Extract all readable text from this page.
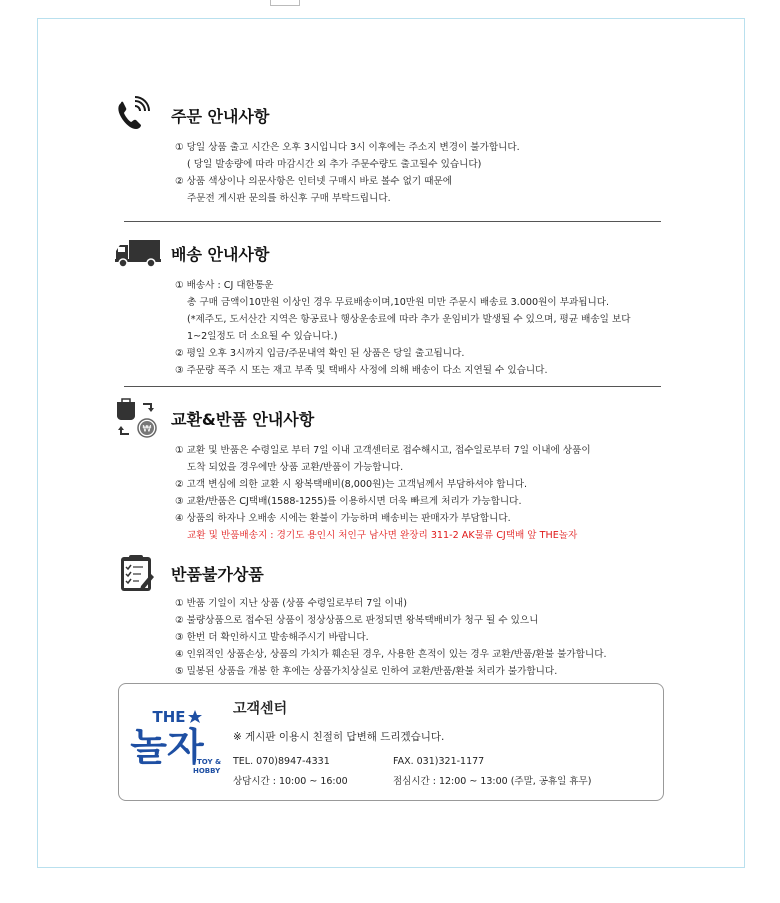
주문 안내사항
① 당일 상품 출고 시간은 오후 3시입니다 3시 이후에는 주소지 변경이 불가합니다.
( 당일 발송량에 따라 마감시간 외 추가 주문수량도 출고될수 있습니다)
② 상품 색상이나 의문사항은 인터넷 구매시 바로 볼수 없기 때문에
주문전 게시판 문의를 하신후 구매 부탁드립니다.
배송 안내사항
① 배송사 : CJ 대한통운
총 구매 금액이10만원 이상인 경우 무료배송이며,10만원 미만 주문시 배송료 3.000원이 부과됩니다.
(*제주도, 도서산간 지역은 항공료나 행상운송료에 따라 추가 운임비가 발생될 수 있으며, 평균 배송일 보다
1~2일정도 더 소요될 수 있습니다.)
② 평일 오후 3시까지 입금/주문내역 확인 된 상품은 당일 출고됩니다.
③ 주문량 폭주 시 또는 재고 부족 및 택배사 사정에 의해 배송이 다소 지연될 수 있습니다.
₩
교환&반품 안내사항
① 교환 및 반품은 수령일로 부터 7일 이내 고객센터로 접수해시고, 접수일로부터 7일 이내에 상품이
도착 되었을 경우에만 상품 교환/반품이 가능합니다.
② 고객 변심에 의한 교환 시 왕복택배비(8,000원)는 고객님께서 부담하셔야 합니다.
③ 교환/반품은 CJ택배(1588-1255)를 이용하시면 더욱 빠르게 처리가 가능합니다.
④ 상품의 하자나 오배송 시에는 환불이 가능하며 배송비는 판매자가 부담합니다.
교환 및 반품배송지 : 경기도 용인시 처인구 남사면 완장리 311-2 AK물류 CJ택배 앞 THE놀자
반품불가상품
① 반품 기일이 지난 상품 (상품 수령일로부터 7일 이내)
② 불량상품으로 접수된 상품이 정상상품으로 판정되면 왕복택배비가 청구 될 수 있으니
③ 한번 더 확인하시고 발송해주시기 바랍니다.
④ 인위적인 상품손상, 상품의 가치가 훼손된 경우, 사용한 흔적이 있는 경우 교환/반품/환불 불가합니다.
⑤ 밀봉된 상품을 개봉 한 후에는 상품가치상실로 인하여 교환/반품/환불 처리가 불가합니다.
THE
놀자
TOY &
HOBBY
고객센터
※ 게시판 이용시 친절히 답변해 드리겠습니다.
TEL. 070)8947-4331	FAX. 031)321-1177
상담시간 : 10:00 ~ 16:00	점심시간 : 12:00 ~ 13:00 (주말, 공휴일 휴무)
